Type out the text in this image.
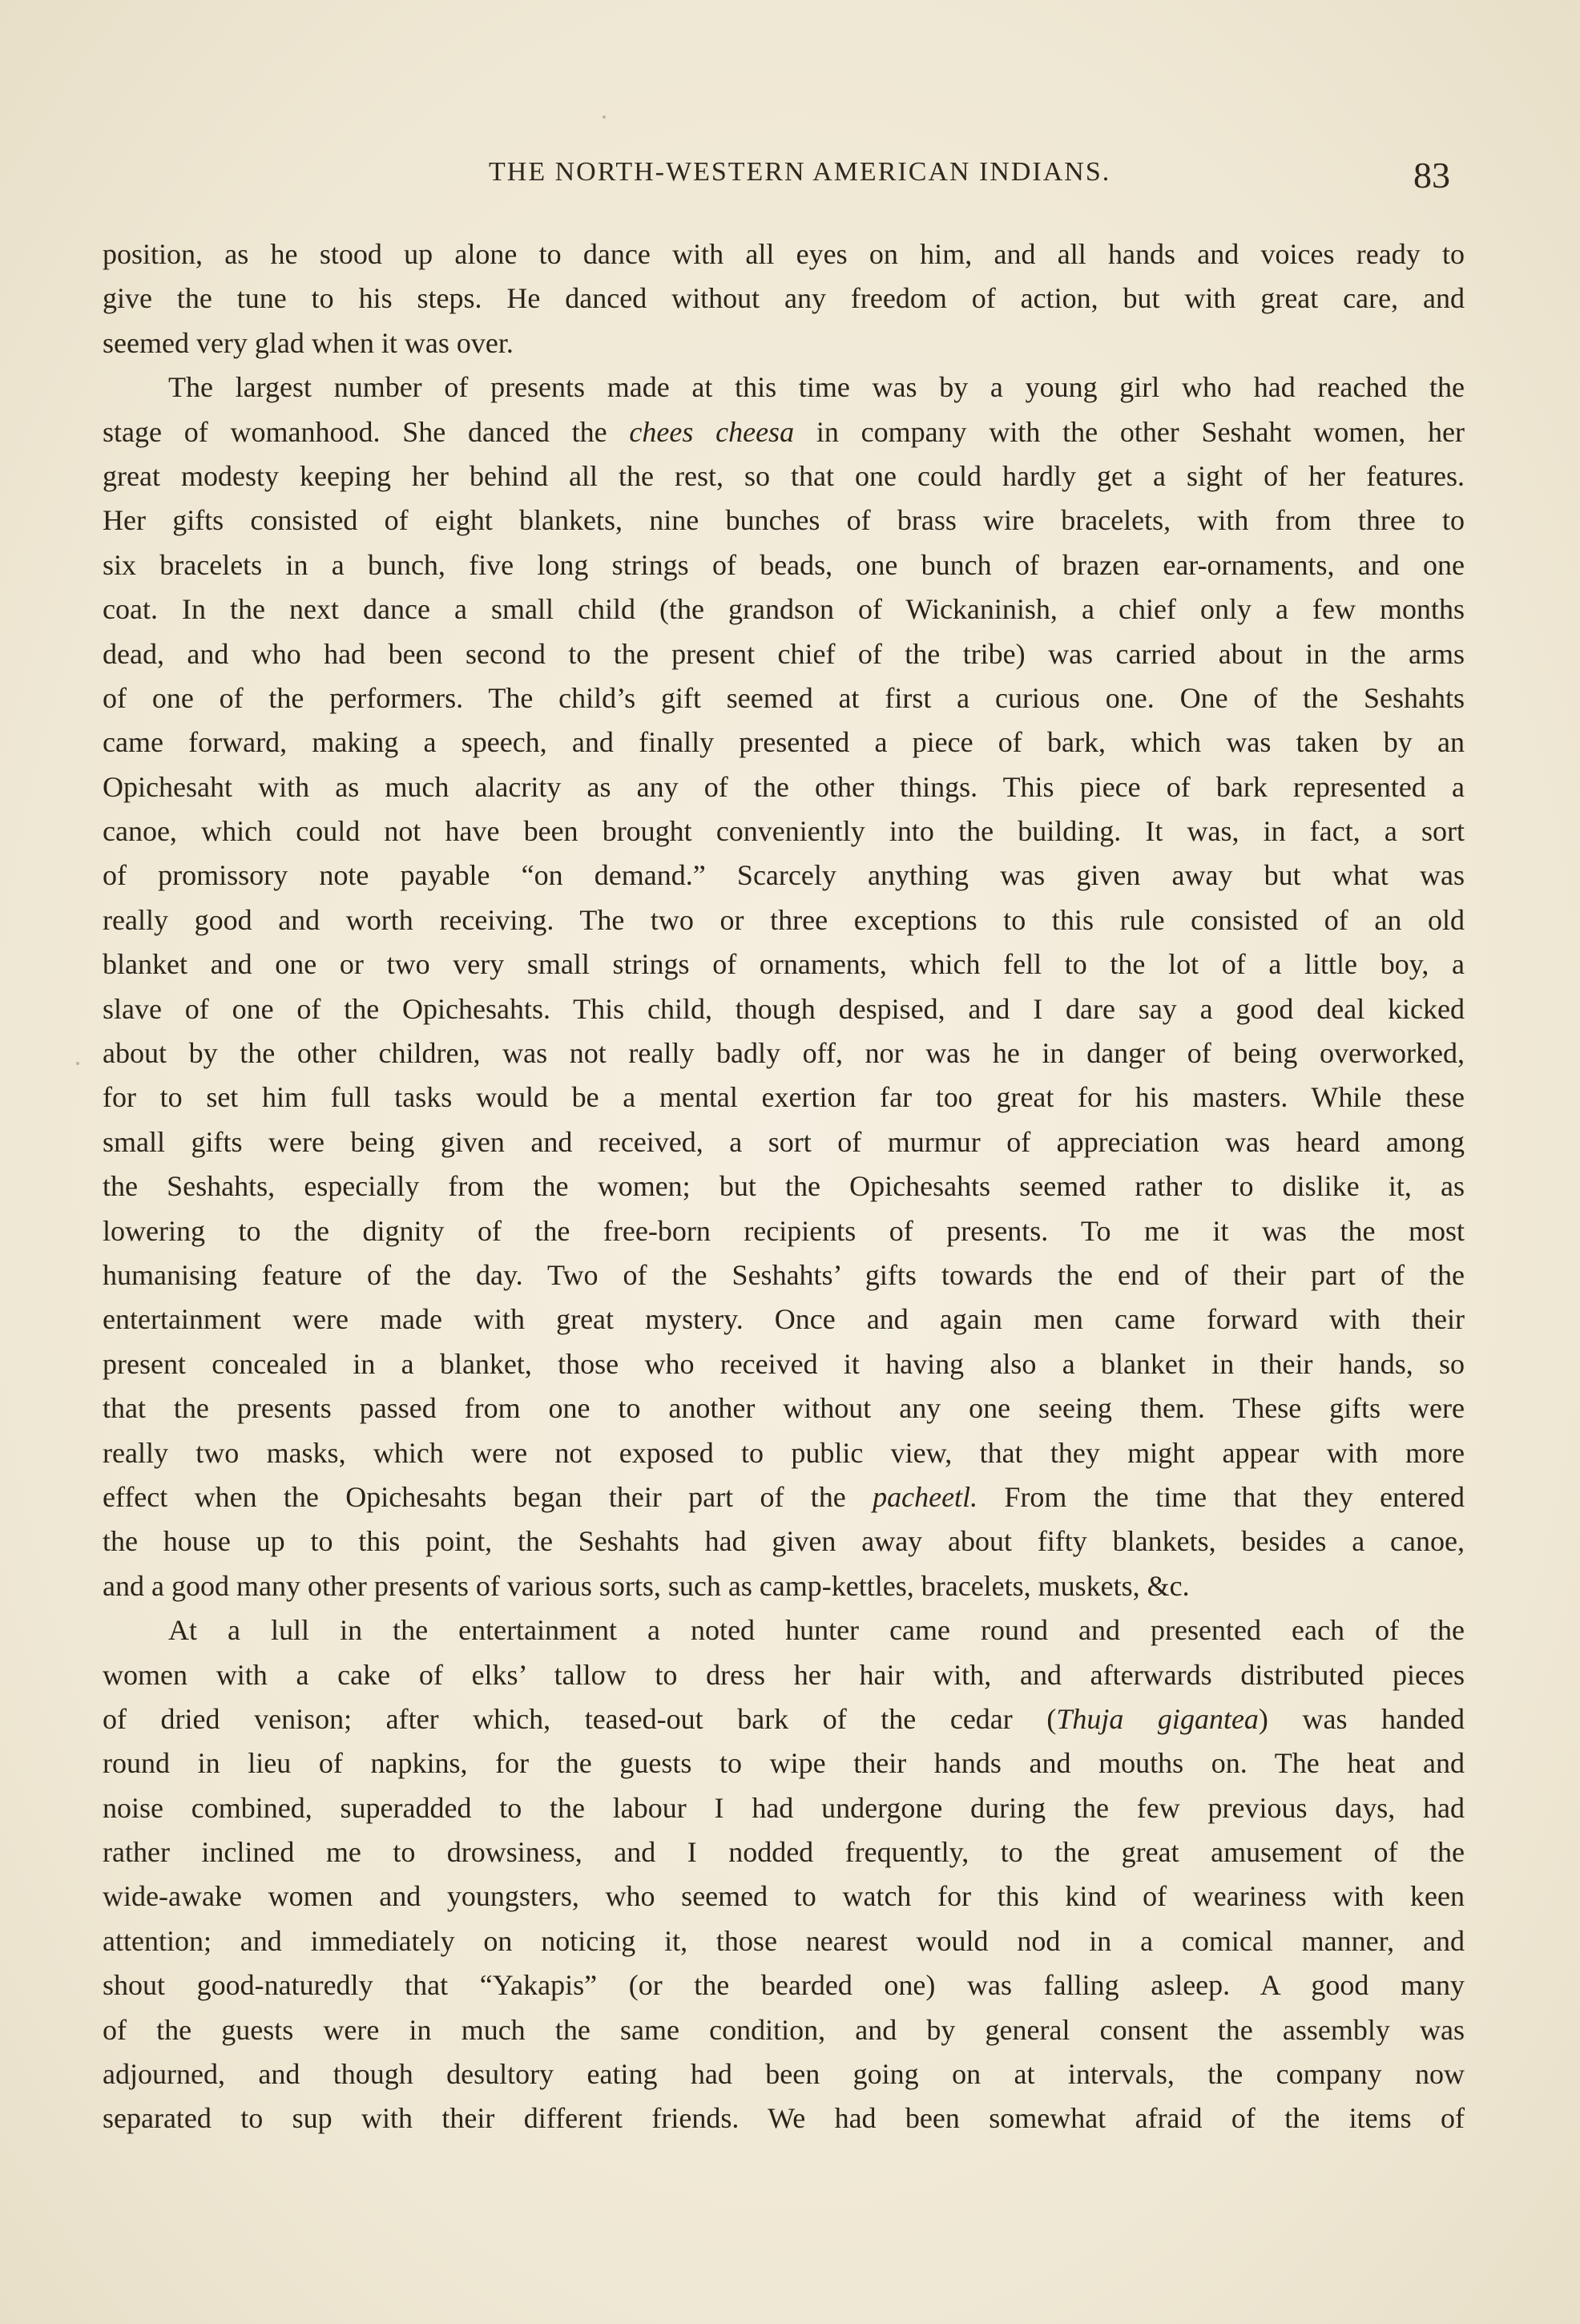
THE NORTH-WESTERN AMERICAN INDIANS.	83
position, as he stood up alone to dance with all eyes on him, and all hands and voices ready to
give the tune to his steps. He danced without any freedom of action, but with great care, and
seemed very glad when it was over.
The largest number of presents made at this time was by a young girl who had reached the
stage of womanhood. She danced the chees cheesa in company with the other Seshaht women, her
great modesty keeping her behind all the rest, so that one could hardly get a sight of her features.
Her gifts consisted of eight blankets, nine bunches of brass wire bracelets, with from three to
six bracelets in a bunch, five long strings of beads, one bunch of brazen ear-ornaments, and one
coat. In the next dance a small child (the grandson of Wickaninish, a chief only a few months
dead, and who had been second to the present chief of the tribe) was carried about in the arms
of one of the performers. The child’s gift seemed at first a curious one. One of the Seshahts
came forward, making a speech, and finally presented a piece of bark, which was taken by an
Opichesaht with as much alacrity as any of the other things. This piece of bark represented a
canoe, which could not have been brought conveniently into the building. It was, in fact, a sort
of promissory note payable “on demand.” Scarcely anything was given away but what was
really good and worth receiving. The two or three exceptions to this rule consisted of an old
blanket and one or two very small strings of ornaments, which fell to the lot of a little boy, a
slave of one of the Opichesahts. This child, though despised, and I dare say a good deal kicked
about by the other children, was not really badly off, nor was he in danger of being overworked,
for to set him full tasks would be a mental exertion far too great for his masters. While these
small gifts were being given and received, a sort of murmur of appreciation was heard among
the Seshahts, especially from the women; but the Opichesahts seemed rather to dislike it, as
lowering to the dignity of the free-born recipients of presents. To me it was the most
humanising feature of the day. Two of the Seshahts’ gifts towards the end of their part of the
entertainment were made with great mystery. Once and again men came forward with their
present concealed in a blanket, those who received it having also a blanket in their hands, so
that the presents passed from one to another without any one seeing them. These gifts were
really two masks, which were not exposed to public view, that they might appear with more
effect when the Opichesahts began their part of the pacheetl. From the time that they entered
the house up to this point, the Seshahts had given away about fifty blankets, besides a canoe,
and a good many other presents of various sorts, such as camp-kettles, bracelets, muskets, &c.
At a lull in the entertainment a noted hunter came round and presented each of the
women with a cake of elks’ tallow to dress her hair with, and afterwards distributed pieces
of dried venison; after which, teased-out bark of the cedar (Thuja gigantea) was handed
round in lieu of napkins, for the guests to wipe their hands and mouths on. The heat and
noise combined, superadded to the labour I had undergone during the few previous days, had
rather inclined me to drowsiness, and I nodded frequently, to the great amusement of the
wide-awake women and youngsters, who seemed to watch for this kind of weariness with keen
attention; and immediately on noticing it, those nearest would nod in a comical manner, and
shout good-naturedly that “Yakapis” (or the bearded one) was falling asleep. A good many
of the guests were in much the same condition, and by general consent the assembly was
adjourned, and though desultory eating had been going on at intervals, the company now
separated to sup with their different friends. We had been somewhat afraid of the items of
